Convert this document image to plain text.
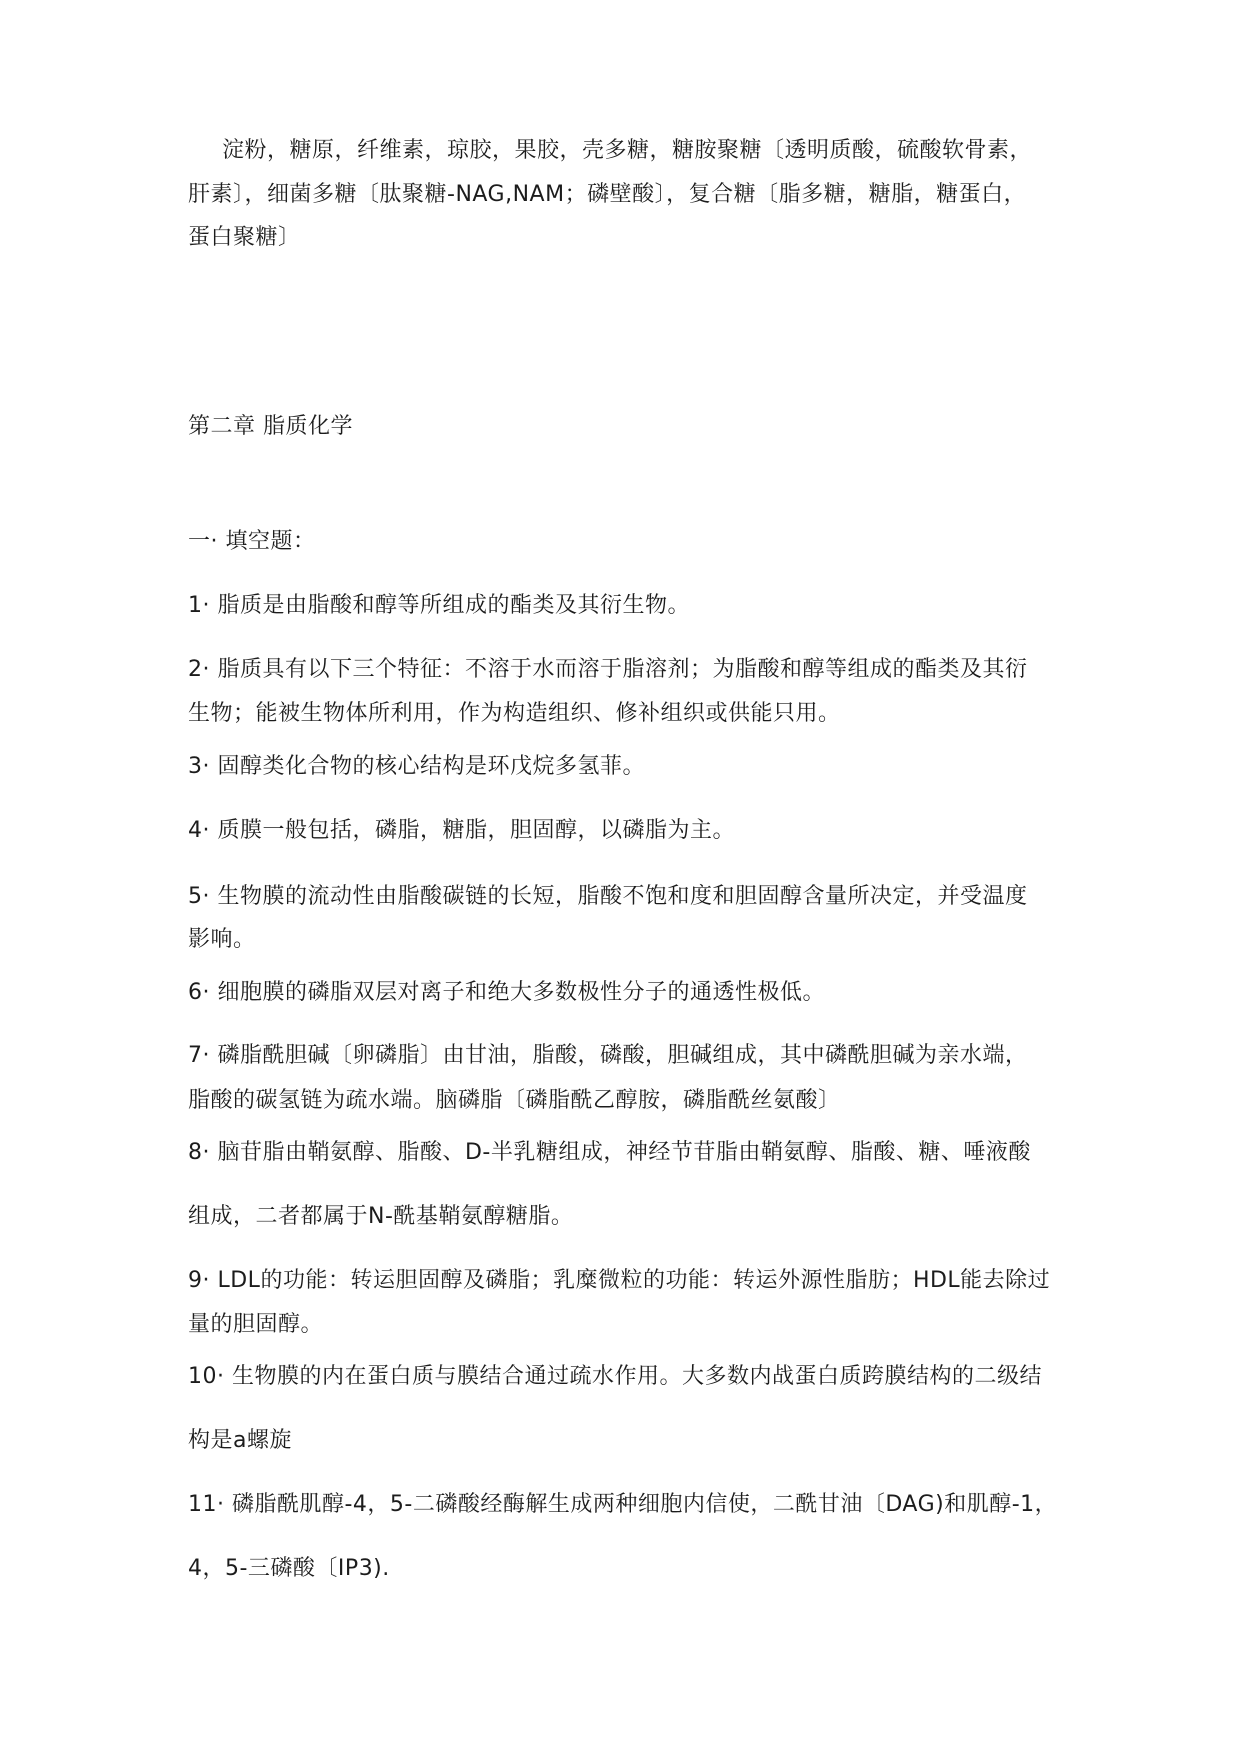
淀粉，糖原，纤维素，琼胶，果胶，壳多糖，糖胺聚糖〔透明质酸，硫酸软骨素，
肝素〕，细菌多糖〔肽聚糖-NAG,NAM；磷壁酸〕，复合糖〔脂多糖，糖脂，糖蛋白，
蛋白聚糖〕
第二章 脂质化学
一· 填空题：
1· 脂质是由脂酸和醇等所组成的酯类及其衍生物。
2· 脂质具有以下三个特征：不溶于水而溶于脂溶剂；为脂酸和醇等组成的酯类及其衍
生物；能被生物体所利用，作为构造组织、修补组织或供能只用。
3· 固醇类化合物的核心结构是环戊烷多氢菲。
4· 质膜一般包括，磷脂，糖脂，胆固醇，以磷脂为主。
5· 生物膜的流动性由脂酸碳链的长短，脂酸不饱和度和胆固醇含量所决定，并受温度
影响。
6· 细胞膜的磷脂双层对离子和绝大多数极性分子的通透性极低。
7· 磷脂酰胆碱〔卵磷脂〕由甘油，脂酸，磷酸，胆碱组成，其中磷酰胆碱为亲水端，
脂酸的碳氢链为疏水端。脑磷脂〔磷脂酰乙醇胺，磷脂酰丝氨酸〕
8· 脑苷脂由鞘氨醇、脂酸、D-半乳糖组成，神经节苷脂由鞘氨醇、脂酸、糖、唾液酸
组成，二者都属于N-酰基鞘氨醇糖脂。
9· LDL的功能：转运胆固醇及磷脂；乳糜微粒的功能：转运外源性脂肪；HDL能去除过
量的胆固醇。
10· 生物膜的内在蛋白质与膜结合通过疏水作用。大多数内战蛋白质跨膜结构的二级结
构是a螺旋
11· 磷脂酰肌醇-4，5-二磷酸经酶解生成两种细胞内信使，二酰甘油〔DAG)和肌醇-1，
4，5-三磷酸〔IP3).
